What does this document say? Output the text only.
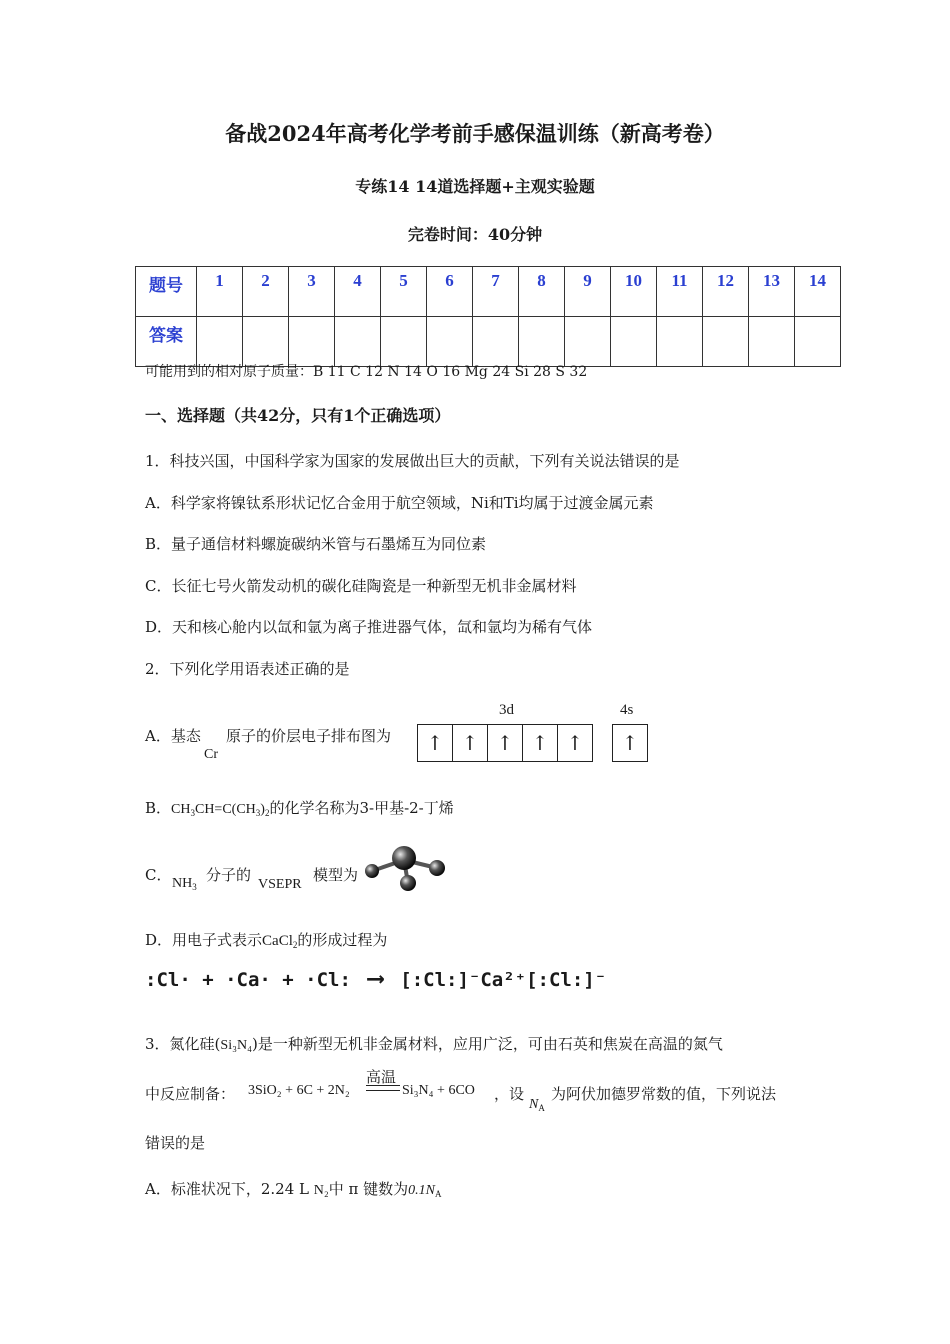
备战2024年高考化学考前手感保温训练（新高考卷）
专练14 14道选择题+主观实验题
完卷时间：40分钟
题号	1	2	3	4	5	6	7	8	9	10	11	12	13	14
答案														
可能用到的相对原子质量：B 11 C 12 N 14 O 16 Mg 24 Si 28 S 32
一、选择题（共42分，只有1个正确选项）
1．科技兴国，中国科学家为国家的发展做出巨大的贡献，下列有关说法错误的是
A．科学家将镍钛系形状记忆合金用于航空领域，Ni和Ti均属于过渡金属元素
B．量子通信材料螺旋碳纳米管与石墨烯互为同位素
C．长征七号火箭发动机的碳化硅陶瓷是一种新型无机非金属材料
D．天和核心舱内以氙和氩为离子推进器气体，氙和氩均为稀有气体
2．下列化学用语表述正确的是
A．基态
Cr
原子的价层电子排布图为
3d	4s
↑ ↑ ↑ ↑ ↑ ↑
B．$CH_3CH=C(CH_3)_2$的化学名称为3-甲基-2-丁烯
C． $NH_3$
分子的
VSEPR
模型为
D．用电子式表示CaCl$_2$的形成过程为
:Cl· + ·Ca· + ·Cl: ⟶ [:Cl:]⁻Ca²⁺[:Cl:]⁻
3．氮化硅(Si₃N₄)是一种新型无机非金属材料，应用广泛，可由石英和焦炭在高温的氮气
中反应制备： 3SiO₂ + 6C + 2N₂
高温
Si₃N₄ + 6CO ，设
$N_A$
为阿伏加德罗常数的值，下列说法
错误的是
A．标准状况下，2.24 L N₂中 π 键数为$0.1N_A$
